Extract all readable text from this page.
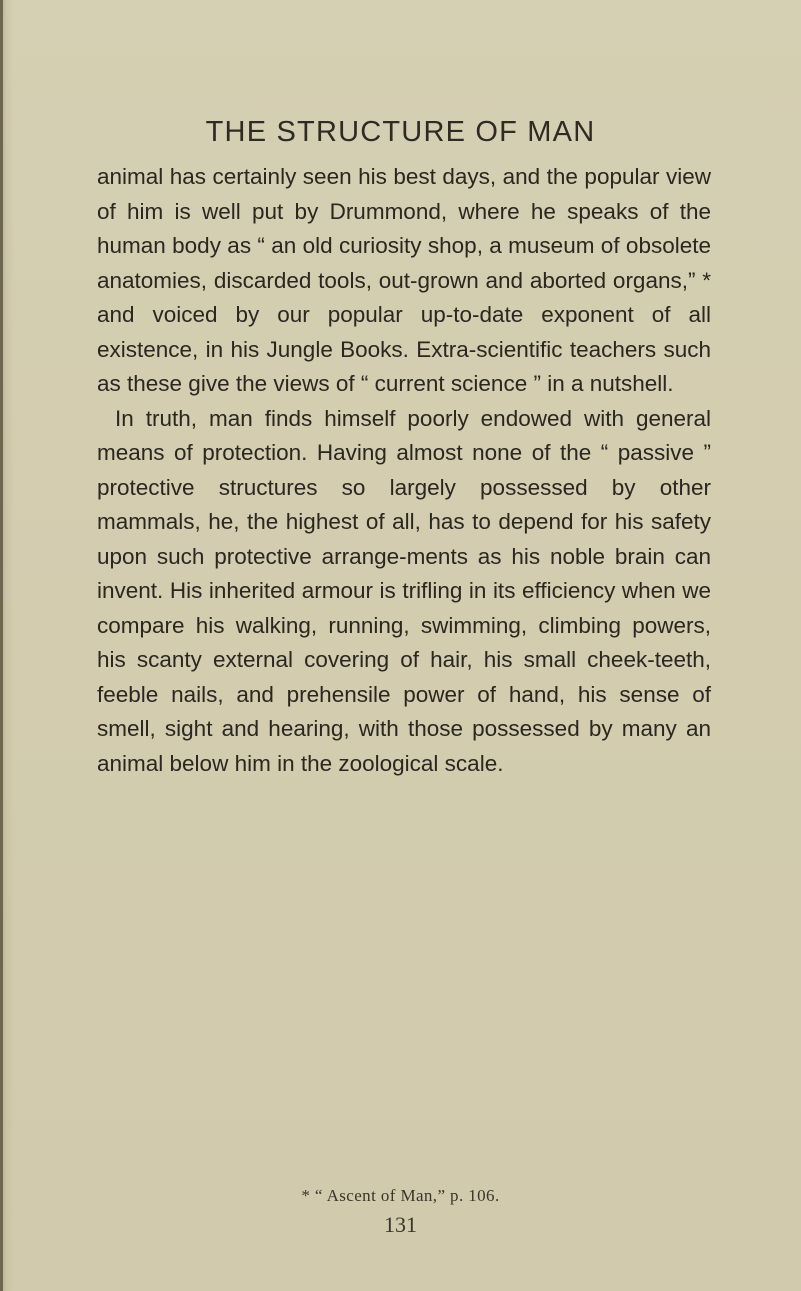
THE STRUCTURE OF MAN

animal has certainly seen his best days, and the popular view of him is well put by Drummond, where he speaks of the human body as “ an old curiosity shop, a museum of obsolete anatomies, discarded tools, out-grown and aborted organs,” * and voiced by our popular up-to-date exponent of all existence, in his Jungle Books. Extra-scientific teachers such as these give the views of “ current science ” in a nutshell.

In truth, man finds himself poorly endowed with general means of protection. Having almost none of the “ passive ” protective structures so largely possessed by other mammals, he, the highest of all, has to depend for his safety upon such protective arrange-ments as his noble brain can invent. His inherited armour is trifling in its efficiency when we compare his walking, running, swimming, climbing powers, his scanty external covering of hair, his small cheek-teeth, feeble nails, and prehensile power of hand, his sense of smell, sight and hearing, with those possessed by many an animal below him in the zoological scale.

* “ Ascent of Man,” p. 106.
131
